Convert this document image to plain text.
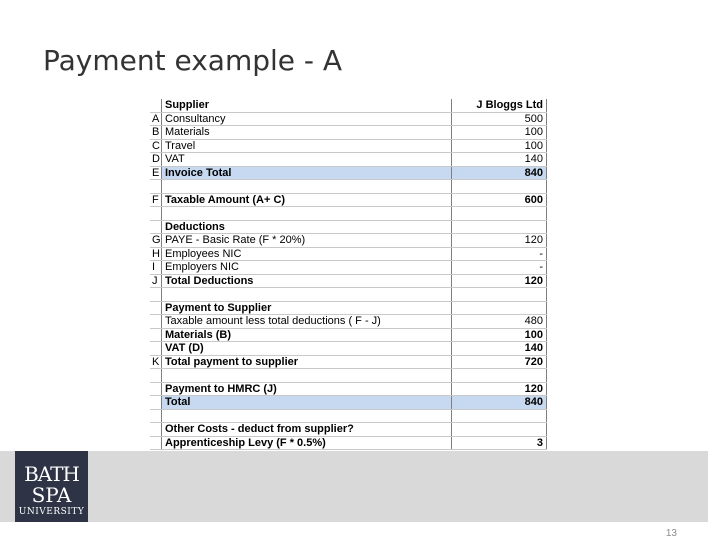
Payment example - A
	Supplier	J Bloggs Ltd
A	Consultancy	500
B	Materials	100
C	Travel	100
D	VAT	140
E	Invoice Total	840

F	Taxable Amount (A+ C)	600

	Deductions	
G	PAYE - Basic Rate (F * 20%)	120
H	Employees NIC	-
I	Employers NIC	-
J	Total Deductions	120

	Payment to Supplier	
	Taxable amount less total deductions ( F - J)	480
	Materials (B)	100
	VAT (D)	140
K	Total payment to supplier	720

	Payment to HMRC (J)	120
	Total	840

	Other Costs - deduct from supplier?	
	Apprenticeship Levy (F * 0.5%)	3
BATH
SPA
UNIVERSITY
13
